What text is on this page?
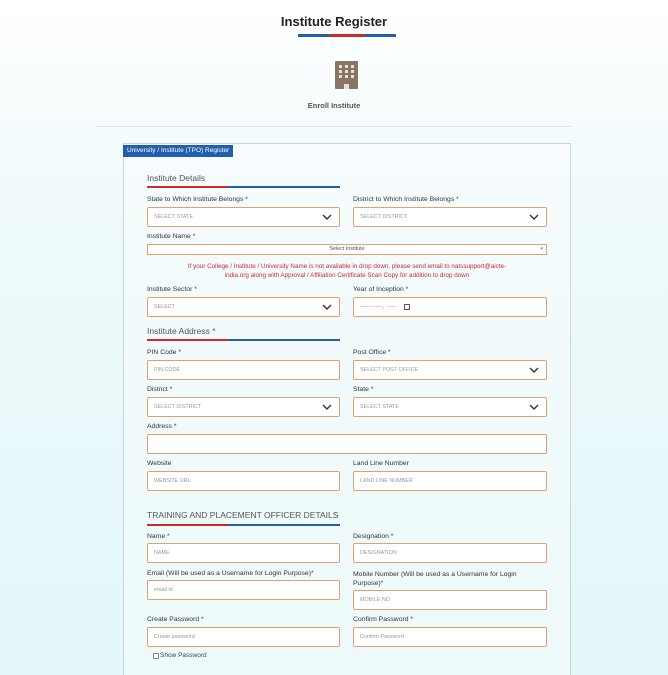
Institute Register
Enroll Institute
University / Institute (TPO) Register
Institute Details
State to Which Institute Belongs *
SELECT STATE
District to Which Institute Belongs *
SELECT DISTRICT
Institute Name *
Select Institute	▾
If your College / Institute / University Name is not available in drop down, please send email to natssupport@aicte-
india.org along with Approval / Affiliation Certificate Scan Copy for addition to drop down
Institute Sector *
SELECT
Year of Inception *
----------, ----
Institute Address *
PIN Code *
PIN CODE
Post Office *
SELECT POST OFFICE
District *
SELECT DISTRICT
State *
SELECT STATE
Address *
Website
WEBSITE URL
Land Line Number
LAND LINE NUMBER
TRAINING AND PLACEMENT OFFICER DETAILS
Name *
NAME
Designation *
DESIGNATION
Email (Will be used as a Username for Login Purpose)*
email id
Mobile Number (Will be used as a Username for Login
Purpose)*
MOBILE NO
Create Password *
Create password
Confirm Password *
Confirm Password
Show Password
